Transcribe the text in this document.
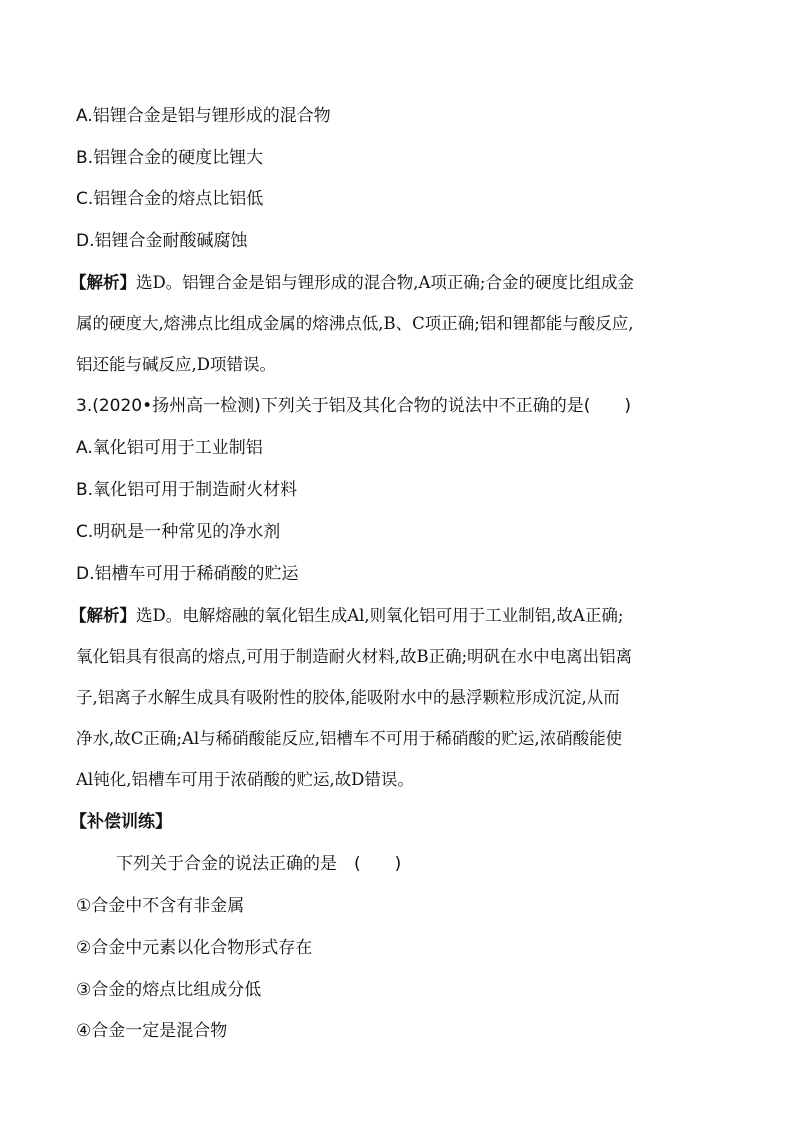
A.铝锂合金是铝与锂形成的混合物
B.铝锂合金的硬度比锂大
C.铝锂合金的熔点比铝低
D.铝锂合金耐酸碱腐蚀
【解析】选D。铝锂合金是铝与锂形成的混合物,A项正确;合金的硬度比组成金
属的硬度大,熔沸点比组成金属的熔沸点低,B、C项正确;铝和锂都能与酸反应,
铝还能与碱反应,D项错误。
3.(2020•扬州高一检测)下列关于铝及其化合物的说法中不正确的是(　　)
A.氧化铝可用于工业制铝
B.氧化铝可用于制造耐火材料
C.明矾是一种常见的净水剂
D.铝槽车可用于稀硝酸的贮运
【解析】选D。电解熔融的氧化铝生成Al,则氧化铝可用于工业制铝,故A正确;
氧化铝具有很高的熔点,可用于制造耐火材料,故B正确;明矾在水中电离出铝离
子,铝离子水解生成具有吸附性的胶体,能吸附水中的悬浮颗粒形成沉淀,从而
净水,故C正确;Al与稀硝酸能反应,铝槽车不可用于稀硝酸的贮运,浓硝酸能使
Al钝化,铝槽车可用于浓硝酸的贮运,故D错误。
【补偿训练】
下列关于合金的说法正确的是　(　　)
①合金中不含有非金属
②合金中元素以化合物形式存在
③合金的熔点比组成分低
④合金一定是混合物
